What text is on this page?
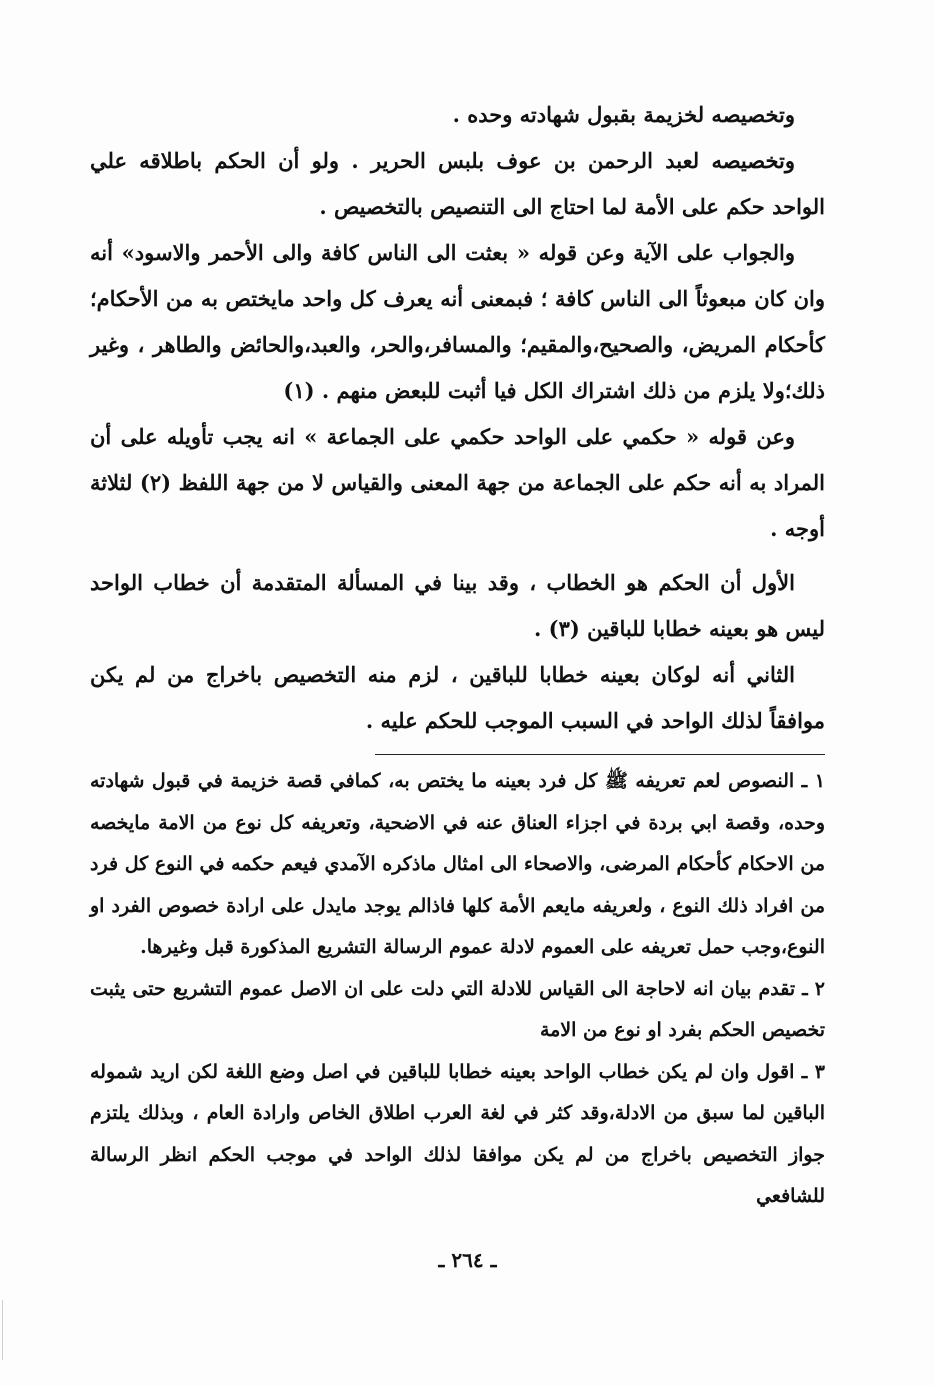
وتخصيصه لخزيمة بقبول شهادته وحده .

وتخصيصه لعبد الرحمن بن عوف بلبس الحرير . ولو أن الحكم باطلاقه علي الواحد حكم على الأمة لما احتاج الى التنصيص بالتخصيص .

والجواب على الآية وعن قوله « بعثت الى الناس كافة والى الأحمر والاسود» أنه وان كان مبعوثاً الى الناس كافة ؛ فبمعنى أنه يعرف كل واحد مايختص به من الأحكام؛كأحكام المريض، والصحيح،والمقيم؛ والمسافر،والحر، والعبد،والحائض والطاهر ، وغير ذلك؛ولا يلزم من ذلك اشتراك الكل فيا أثبت للبعض منهم . (١)

وعن قوله « حكمي على الواحد حكمي على الجماعة » انه يجب تأويله على أن المراد به أنه حكم على الجماعة من جهة المعنى والقياس لا من جهة اللفظ (٢) لثلاثة أوجه .

الأول أن الحكم هو الخطاب ، وقد بينا في المسألة المتقدمة أن خطاب الواحد ليس هو بعينه خطابا للباقين (٣) .

الثاني أنه لوكان بعينه خطابا للباقين ، لزم منه التخصيص باخراج من لم يكن موافقاً لذلك الواحد في السبب الموجب للحكم عليه .

١ ـ النصوص لعم تعريفه ﷺ كل فرد بعينه ما يختص به، كمافي قصة خزيمة في قبول شهادته وحده، وقصة ابي بردة في اجزاء العناق عنه في الاضحية، وتعريفه كل نوع من الامة مايخصه من الاحكام كأحكام المرضى، والاصحاء الى امثال ماذكره الآمدي فيعم حكمه في النوع كل فرد من افراد ذلك النوع ، ولعريفه مايعم الأمة كلها فاذالم يوجد مايدل على ارادة خصوص الفرد او النوع،وجب حمل تعريفه على العموم لادلة عموم الرسالة التشريع المذكورة قبل وغيرها.

٢ ـ تقدم بيان انه لاحاجة الى القياس للادلة التي دلت على ان الاصل عموم التشريع حتى يثبت تخصيص الحكم بفرد او نوع من الامة

٣ ـ اقول وان لم يكن خطاب الواحد بعينه خطابا للباقين في اصل وضع اللغة لكن اريد شموله الباقين لما سبق من الادلة،وقد كثر في لغة العرب اطلاق الخاص وارادة العام ، وبذلك يلتزم جواز التخصيص باخراج من لم يكن موافقا لذلك الواحد في موجب الحكم انظر الرسالة للشافعي

ـ ٢٦٤ ـ
